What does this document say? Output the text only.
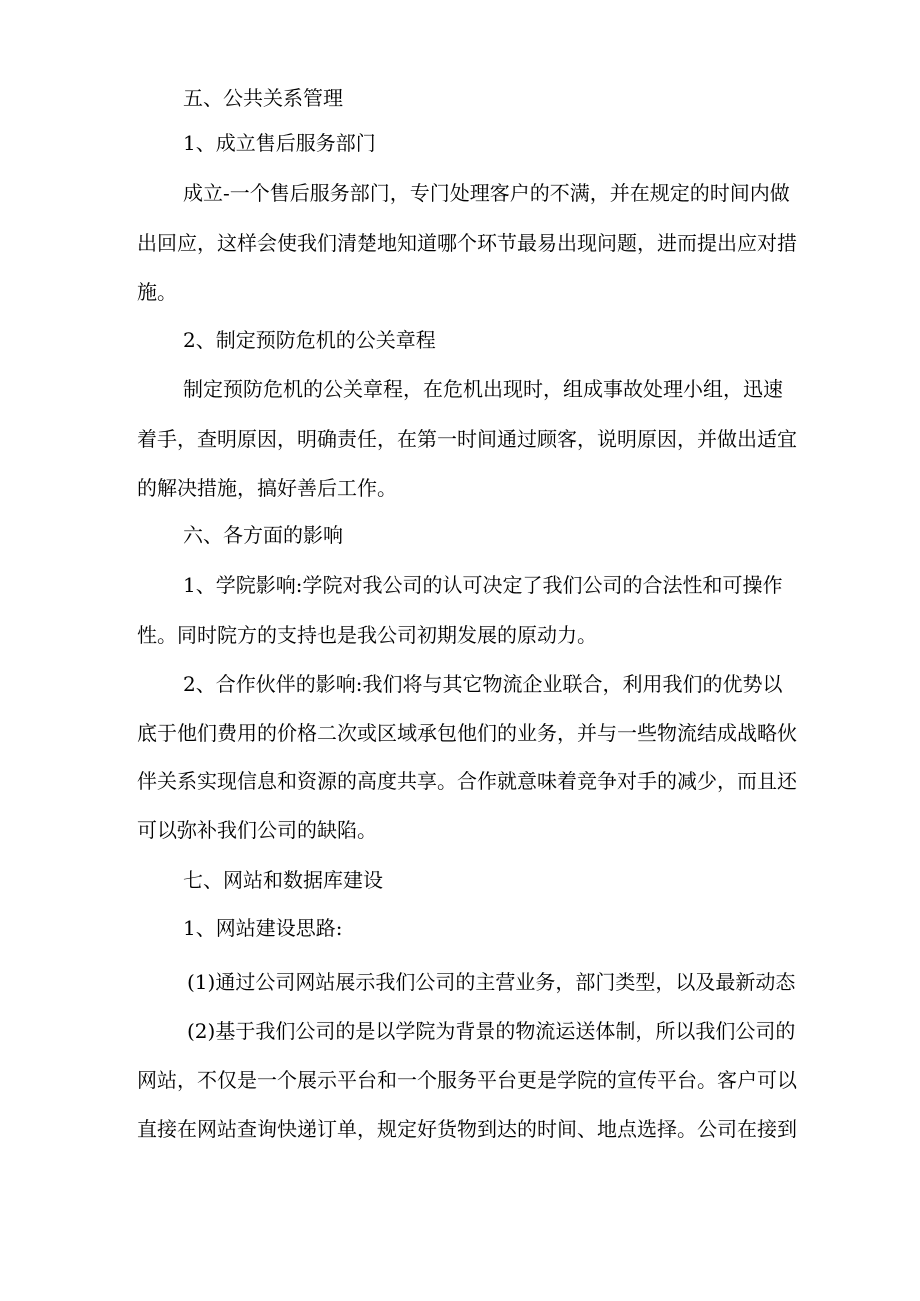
五、公共关系管理
1、成立售后服务部门
成立-一个售后服务部门，专门处理客户的不满，并在规定的时间内做
出回应，这样会使我们清楚地知道哪个环节最易出现问题，进而提出应对措
施。
2、制定预防危机的公关章程
制定预防危机的公关章程，在危机出现时，组成事故处理小组，迅速
着手，查明原因，明确责任，在第一时间通过顾客，说明原因，并做出适宜
的解决措施，搞好善后工作。
六、各方面的影响
1、学院影响:学院对我公司的认可决定了我们公司的合法性和可操作
性。同时院方的支持也是我公司初期发展的原动力。
2、合作伙伴的影响:我们将与其它物流企业联合，利用我们的优势以
底于他们费用的价格二次或区域承包他们的业务，并与一些物流结成战略伙
伴关系实现信息和资源的高度共享。合作就意味着竞争对手的减少，而且还
可以弥补我们公司的缺陷。
七、网站和数据库建设
1、网站建设思路:
(1)通过公司网站展示我们公司的主营业务，部门类型，以及最新动态
(2)基于我们公司的是以学院为背景的物流运送体制，所以我们公司的
网站，不仅是一个展示平台和一个服务平台更是学院的宣传平台。客户可以
直接在网站查询快递订单，规定好货物到达的时间、地点选择。公司在接到
